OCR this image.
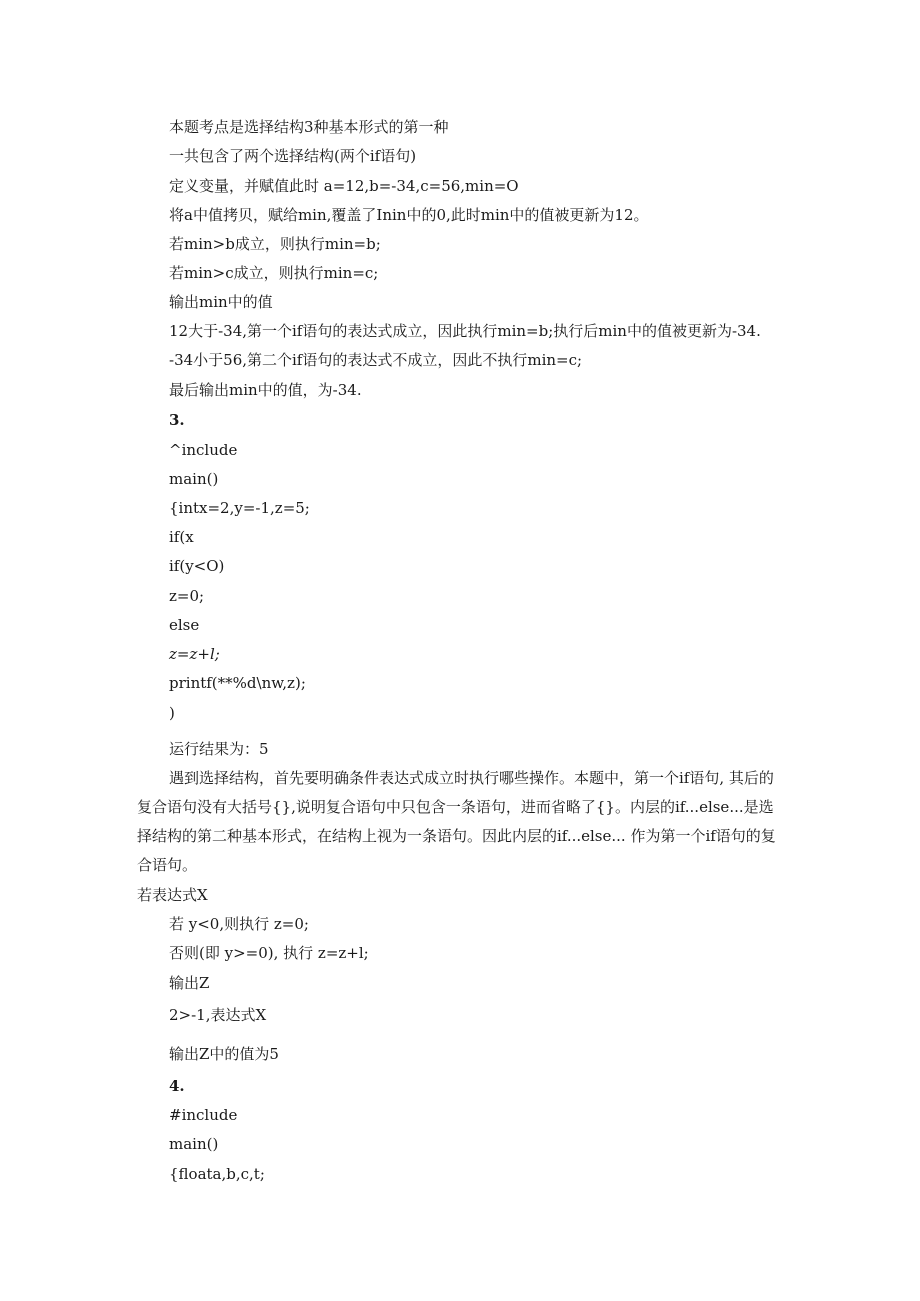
本题考点是选择结构3种基本形式的第一种
一共包含了两个选择结构(两个if语句)
定义变量，并赋值此时 a=12,b=-34,c=56,min=O
将a中值拷贝，赋给min,覆盖了Inin中的0,此时min中的值被更新为12。
若min>b成立，则执行min=b;
若min>c成立，则执行min=c;
输出min中的值
12大于-34,第一个if语句的表达式成立，因此执行min=b;执行后min中的值被更新为-34.
-34小于56,第二个if语句的表达式不成立，因此不执行min=c;
最后输出min中的值，为-34.
3.
^include
main()
{intx=2,y=-1,z=5;
if(x
if(y<O)
z=0;
else
z=z+l;
printf(**%d\nw,z);
)
运行结果为：5
遇到选择结构，首先要明确条件表达式成立时执行哪些操作。本题中，第一个if语句, 其后的复合语句没有大括号{},说明复合语句中只包含一条语句，进而省略了{}。内层的if...else...是选择结构的第二种基本形式，在结构上视为一条语句。因此内层的if...else... 作为第一个if语句的复合语句。
若表达式X
若 y<0,则执行 z=0;
否则(即 y>=0), 执行 z=z+l;
输出Z
2>-1,表达式X
输出Z中的值为5
4.
#include
main()
{floata,b,c,t;
